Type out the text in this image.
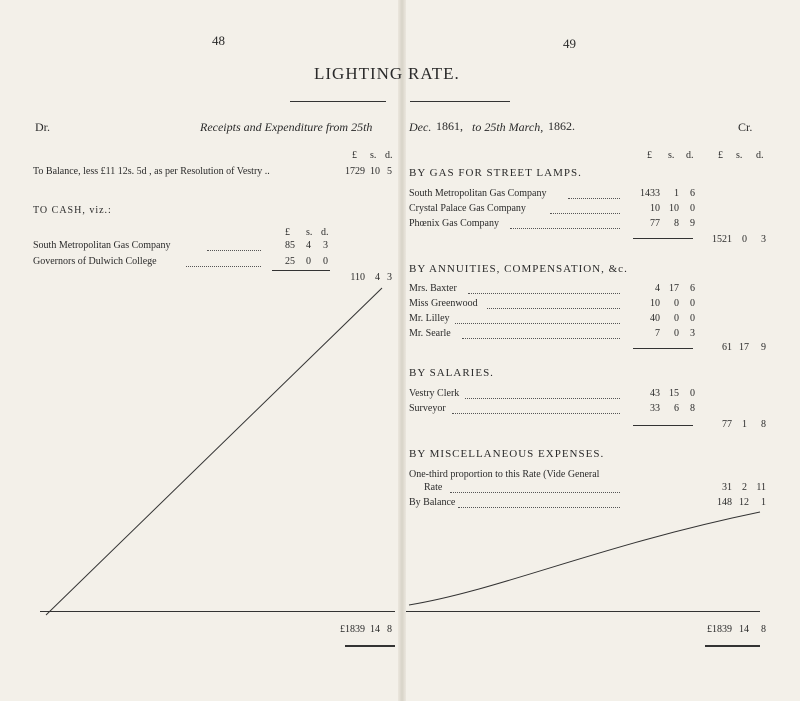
48	49
LIGHTING RATE.
Dr.	Receipts and Expenditure from 25th	Dec. 1861, to 25th March, 1862.	Cr.
£ s. d.
To Balance, less £11 12s. 5d , as per Resolution of Vestry ..	1729 10 5
TO CASH, viz.:
£ s. d.
South Metropolitan Gas Company	85	4	3
Governors of Dulwich College	25	0	0
110	4 3
£1839 14 8
£ s. d. £ s. d.
BY GAS FOR STREET LAMPS.
South Metropolitan Gas Company	1433	1	6
Crystal Palace Gas Company	10 10	0
Phœnix Gas Company	77	8	9
1521	0	3
BY ANNUITIES, COMPENSATION, &c.
Mrs. Baxter	4 17	6
Miss Greenwood	10	0	0
Mr. Lilley	40	0	0
Mr. Searle	7	0	3
61 17	9
BY SALARIES.
Vestry Clerk	43 15	0
Surveyor	33	6	8
77	1	8
BY MISCELLANEOUS EXPENSES.
One-third proportion to this Rate (Vide General
Rate	31	2 11
By Balance	148 12	1
£1839 14	8
